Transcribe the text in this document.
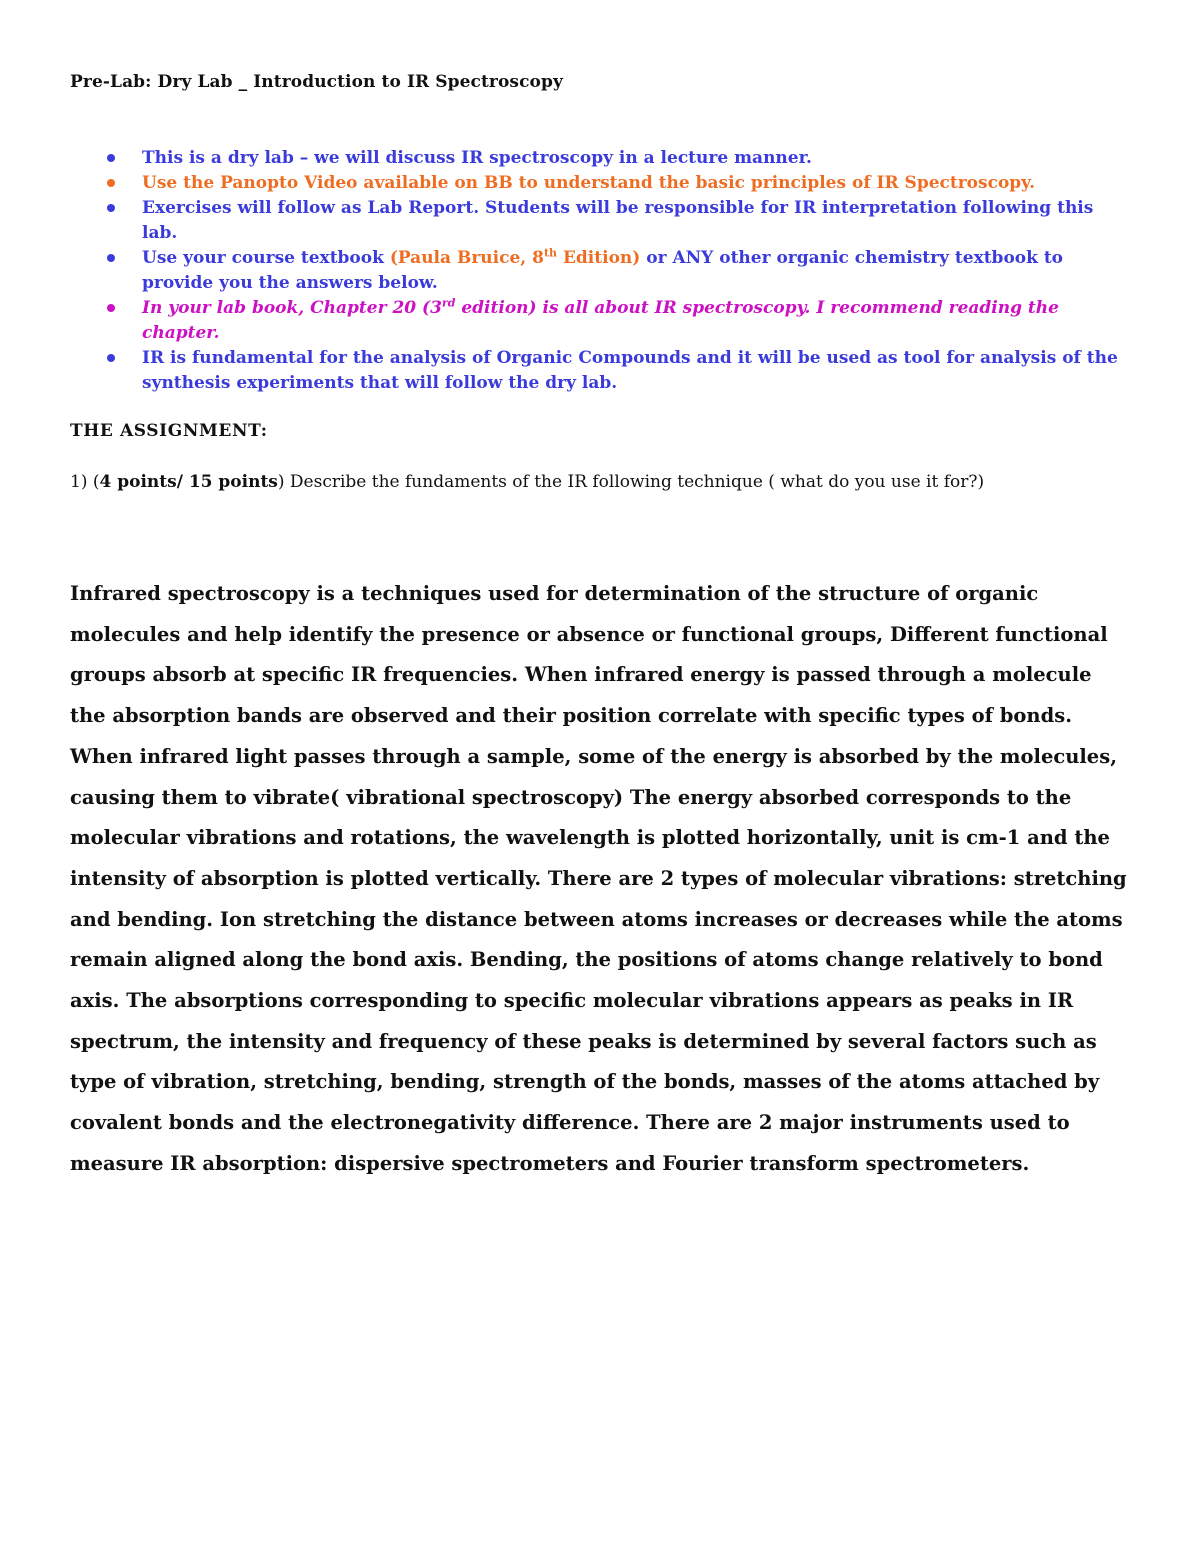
Pre-Lab: Dry Lab _ Introduction to IR Spectroscopy
This is a dry lab – we will discuss IR spectroscopy in a lecture manner.
Use the Panopto Video available on BB to understand the basic principles of IR Spectroscopy.
Exercises will follow as Lab Report. Students will be responsible for IR interpretation following this lab.
Use your course textbook (Paula Bruice, 8th Edition) or ANY other organic chemistry textbook to provide you the answers below.
In your lab book, Chapter 20 (3rd edition) is all about IR spectroscopy. I recommend reading the chapter.
IR is fundamental for the analysis of Organic Compounds and it will be used as tool for analysis of the synthesis experiments that will follow the dry lab.
THE ASSIGNMENT:
1) (4 points/ 15 points) Describe the fundaments of the IR following technique ( what do you use it for?)

Infrared spectroscopy is a techniques used for determination of the structure of organic molecules and help identify the presence or absence or functional groups, Different functional groups absorb at specific IR frequencies. When infrared energy is passed through a molecule the absorption bands are observed and their position correlate with specific types of bonds. When infrared light passes through a sample, some of the energy is absorbed by the molecules, causing them to vibrate( vibrational spectroscopy) The energy absorbed corresponds to the molecular vibrations and rotations, the wavelength is plotted horizontally, unit is cm-1 and the intensity of absorption is plotted vertically. There are 2 types of molecular vibrations: stretching and bending. Ion stretching the distance between atoms increases or decreases while the atoms remain aligned along the bond axis. Bending, the positions of atoms change relatively to bond axis. The absorptions corresponding to specific molecular vibrations appears as peaks in IR spectrum, the intensity and frequency of these peaks is determined by several factors such as type of vibration, stretching, bending, strength of the bonds, masses of the atoms attached by covalent bonds and the electronegativity difference. There are 2 major instruments used to measure IR absorption: dispersive spectrometers and Fourier transform spectrometers.
